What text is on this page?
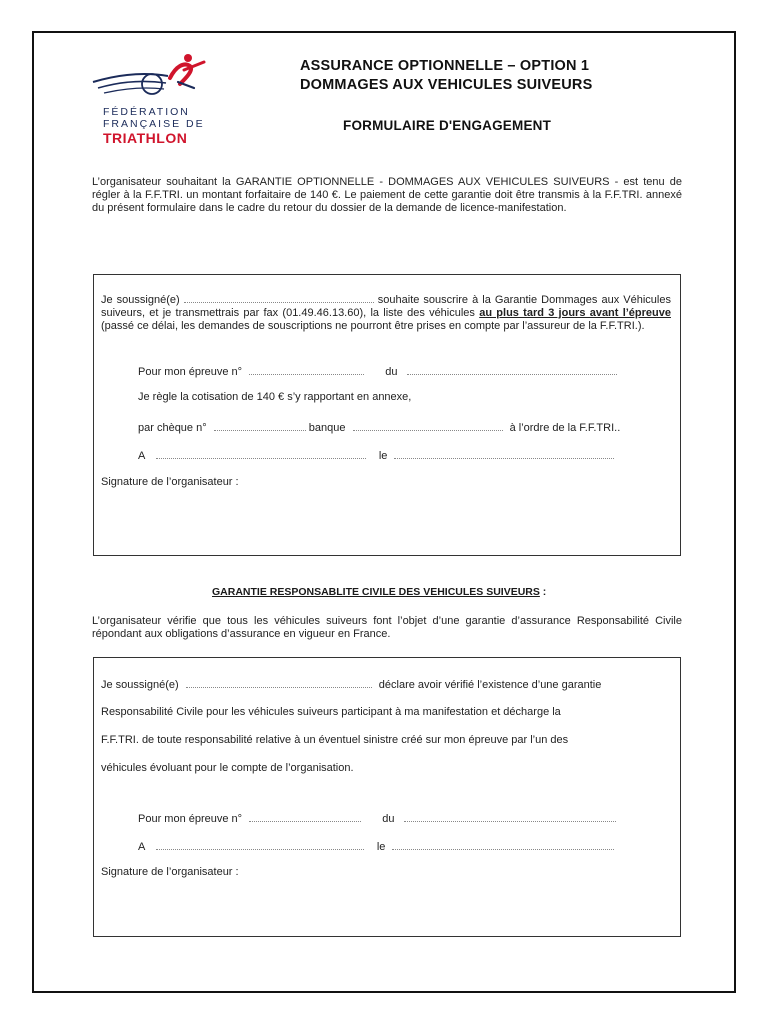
FÉDÉRATION
FRANÇAISE DE
TRIATHLON
ASSURANCE OPTIONNELLE – OPTION 1
DOMMAGES AUX VEHICULES SUIVEURS
FORMULAIRE D'ENGAGEMENT
L’organisateur souhaitant la GARANTIE OPTIONNELLE - DOMMAGES AUX VEHICULES SUIVEURS - est tenu de régler à la F.F.TRI. un montant forfaitaire de 140 €. Le paiement de cette garantie doit être transmis à la F.F.TRI. annexé du présent formulaire dans le cadre du retour du dossier de la demande de licence-manifestation.
Je soussigné(e)	souhaite souscrire à la Garantie Dommages aux Véhicules suiveurs, et je transmettrais par fax (01.49.46.13.60), la liste des véhicules au plus tard 3 jours avant l’épreuve (passé ce délai, les demandes de souscriptions ne pourront être prises en compte par l’assureur de la F.F.TRI.).
Pour mon épreuve n°	du
Je règle la cotisation de 140 € s’y rapportant en annexe,
par chèque n°	banque	à l’ordre de la F.F.TRI..
A	le
Signature de l’organisateur :
GARANTIE RESPONSABLITE CIVILE DES VEHICULES SUIVEURS :
L’organisateur vérifie que tous les véhicules suiveurs font l’objet d’une garantie d’assurance Responsabilité Civile répondant aux obligations d’assurance en vigueur en France.
Je soussigné(e)	déclare avoir vérifié l’existence d’une garantie
Responsabilité Civile pour les véhicules suiveurs participant à ma manifestation et décharge la
F.F.TRI. de toute responsabilité relative à un éventuel sinistre créé sur mon épreuve par l’un des
véhicules évoluant pour le compte de l’organisation.
Pour mon épreuve n°	du
A	le
Signature de l’organisateur :
